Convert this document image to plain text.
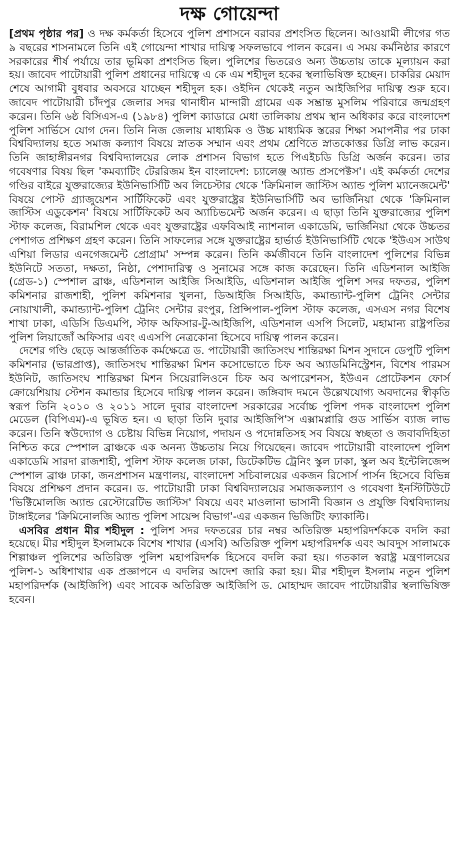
দক্ষ গোয়েন্দা

[প্রথম পৃষ্ঠার পর] ও দক্ষ কর্মকর্তা হিসেবে পুলিশ প্রশাসনে বরাবর প্রশংসিত ছিলেন। আওয়ামী লীগের গত ৯ বছরের শাসনামলে তিনি এই গোয়েন্দা শাখার দায়িত্ব সফলভাবে পালন করেন। এ সময় কর্মনিষ্ঠার কারণে সরকারের শীর্ষ পর্যায়ে তার ভূমিকা প্রশংসিত ছিল। পুলিশের ভিতরেও অন্য উচ্চতায় তাকে মূল্যায়ন করা হয়। জাবেদ পাটোয়ারী পুলিশ প্রধানের দায়িত্বে এ কে এম শহীদুল হকের স্থলাভিষিক্ত হচ্ছেন। চাকরির মেয়াদ শেষে আগামী বুধবার অবসরে যাচ্ছেন শহীদুল হক। ওইদিন থেকেই নতুন আইজিপির দায়িত্ব শুরু হবে। জাবেদ পাটোয়ারী চাঁদপুর জেলার সদর থানাধীন মান্দারী গ্রামের এক সম্ভ্রান্ত মুসলিম পরিবারে জন্মগ্রহণ করেন। তিনি ৬ষ্ঠ বিসিএস-এ (১৯৮৪) পুলিশ ক্যাডারে মেধা তালিকায় প্রথম স্থান অধিকার করে বাংলাদেশ পুলিশ সার্ভিসে যোগ দেন। তিনি নিজ জেলায় মাধ্যমিক ও উচ্চ মাধ্যমিক স্তরের শিক্ষা সমাপনীর পর ঢাকা বিশ্ববিদ্যালয় হতে সমাজ কল্যাণ বিষয়ে স্নাতক সম্মান এবং প্রথম শ্রেণিতে স্নাতকোত্তর ডিগ্রি লাভ করেন। তিনি জাহাঙ্গীরনগর বিশ্ববিদ্যালয়ের লোক প্রশাসন বিভাগ হতে পিএইচডি ডিগ্রি অর্জন করেন। তার গবেষণার বিষয় ছিল 'কমব্যাটিং টেররিজম ইন বাংলাদেশ: চ্যালেঞ্জ অ্যান্ড প্রসপেক্টস'। এই কর্মকর্তা দেশের গণ্ডির বাইরে যুক্তরাজ্যের ইউনিভার্সিটি অব লিচেস্টার থেকে 'ক্রিমিনাল জাস্টিস অ্যান্ড পুলিশ ম্যানেজমেন্ট' বিষয়ে পোস্ট গ্র্যাজুয়েশন সার্টিফিকেট এবং যুক্তরাষ্ট্রের ইউনিভার্সিটি অব ভার্জিনিয়া থেকে 'ক্রিমিনাল জাস্টিস এডুকেশন' বিষয়ে সার্টিফিকেট অব অ্যাচিভমেন্ট অর্জন করেন। এ ছাড়া তিনি যুক্তরাজ্যের পুলিশ স্টাফ কলেজ, বিরামশিল থেকে এবং যুক্তরাষ্ট্রের এফবিআই ন্যাশনাল একাডেমি, ভার্জিনিয়া থেকে উচ্চতর পেশাগত প্রশিক্ষণ গ্রহণ করেন। তিনি সাফল্যের সঙ্গে যুক্তরাষ্ট্রের হার্ভার্ড ইউনিভার্সিটি থেকে 'ইউএস সাউথ এশিয়া লিডার এনগেজমেন্ট প্রোগ্রাম' সম্পন্ন করেন। তিনি কর্মজীবনে তিনি বাংলাদেশ পুলিশের বিভিন্ন ইউনিটে সততা, দক্ষতা, নিষ্ঠা, পেশাদারিত্ব ও সুনামের সঙ্গে কাজ করেছেন। তিনি এডিশনাল আইজি (গ্রেড-১) স্পেশাল ব্রাঞ্চ, এডিশনাল আইজি সিআইডি, এডিশনাল আইজি পুলিশ সদর দফতর, পুলিশ কমিশনার রাজশাহী, পুলিশ কমিশনার খুলনা, ডিআইজি সিআইডি, কমান্ড্যান্ট-পুলিশ ট্রেনিং সেন্টার নোয়াখালী, কমান্ড্যান্ট-পুলিশ ট্রেনিং সেন্টার রংপুর, প্রিন্সিপাল-পুলিশ স্টাফ কলেজ, এসএস নগর বিশেষ শাখা ঢাকা, এডিসি ডিএমপি, স্টাফ অফিসার-টু-আইজিপি, এডিশনাল এসপি সিলেট, মহামান্য রাষ্ট্রপতির পুলিশ লিয়াজোঁ অফিসার এবং এএসপি নেত্রকোনা হিসেবে দায়িত্ব পালন করেন।

দেশের গণ্ডি ছেড়ে আন্তর্জাতিক কর্মক্ষেত্রে ড. পাটোয়ারী জাতিসংঘ শান্তিরক্ষা মিশন সুদানে ডেপুটি পুলিশ কমিশনার (ভারপ্রাপ্ত), জাতিসংঘ শান্তিরক্ষা মিশন কসোভোতে চিফ অব অ্যাডমিনিস্ট্রেশন, বিশেষ পারমস ইউনিট, জাতিসংঘ শান্তিরক্ষা মিশন সিয়েরালিওনে চিফ অব অপারেশনস, ইউএন প্রোটেকশন ফোর্স ক্রোয়েশিয়ায় স্টেশন কমান্ডার হিসেবে দায়িত্ব পালন করেন। জঙ্গিবাদ দমনে উল্লেখযোগ্য অবদানের স্বীকৃতি স্বরূপ তিনি ২০১০ ও ২০১১ সালে দুবার বাংলাদেশ সরকারের সর্বোচ্চ পুলিশ পদক বাংলাদেশ পুলিশ মেডেল (বিপিএম)-এ ভূষিত হন। এ ছাড়া তিনি দুবার আইজিপি'স এক্সামপ্লারি গুড সার্ভিস ব্যাজ লাভ করেন। তিনি স্বউদ্যোগ ও চেষ্টায় বিভিন্ন নিয়োগ, পদায়ন ও পদোন্নতিসহ সব বিষয়ে স্বচ্ছতা ও জবাবদিহিতা নিশ্চিত করে স্পেশাল ব্রাঞ্চকে এক অনন্য উচ্চতায় নিয়ে গিয়েছেন। জাবেদ পাটোয়ারী বাংলাদেশ পুলিশ একাডেমি সারদা রাজশাহী, পুলিশ স্টাফ কলেজ ঢাকা, ডিটেকটিভ ট্রেনিং স্কুল ঢাকা, স্কুল অব ইন্টেলিজেন্স স্পেশাল ব্রাঞ্চ ঢাকা, জনপ্রশাসন মন্ত্রণালয়, বাংলাদেশ সচিবালয়ের একজন রিসোর্স পার্সন হিসেবে বিভিন্ন বিষয়ে প্রশিক্ষণ প্রদান করেন। ড. পাটোয়ারী ঢাকা বিশ্ববিদ্যালয়ের সমাজকল্যাণ ও গবেষণা ইনস্টিটিউটে 'ভিক্টিমোলজি অ্যান্ড রেস্টোরেটিভ জাস্টিস' বিষয়ে এবং মাওলানা ভাসানী বিজ্ঞান ও প্রযুক্তি বিশ্ববিদ্যালয় টাঙ্গাইলের 'ক্রিমিনোলজি অ্যান্ড পুলিশ সায়েন্স বিভাগ'-এর একজন ভিজিটিং ফ্যাকাল্টি।

এসবির প্রধান মীর শহীদুল : পুলিশ সদর দফতরের চার নম্বর অতিরিক্ত মহাপরিদর্শককে বদলি করা হয়েছে। মীর শহীদুল ইসলামকে বিশেষ শাখার (এসবি) অতিরিক্ত পুলিশ মহাপরিদর্শক এবং আবদুস সালামকে শিল্পাঞ্চল পুলিশের অতিরিক্ত পুলিশ মহাপরিদর্শক হিসেবে বদলি করা হয়। গতকাল স্বরাষ্ট্র মন্ত্রণালয়ের পুলিশ-১ অধিশাখার এক প্রজ্ঞাপনে এ বদলির আদেশ জারি করা হয়। মীর শহীদুল ইসলাম নতুন পুলিশ মহাপরিদর্শক (আইজিপি) এবং সাবেক অতিরিক্ত আইজিপি ড. মোহাম্মদ জাবেদ পাটোয়ারীর স্থলাভিষিক্ত হবেন।
